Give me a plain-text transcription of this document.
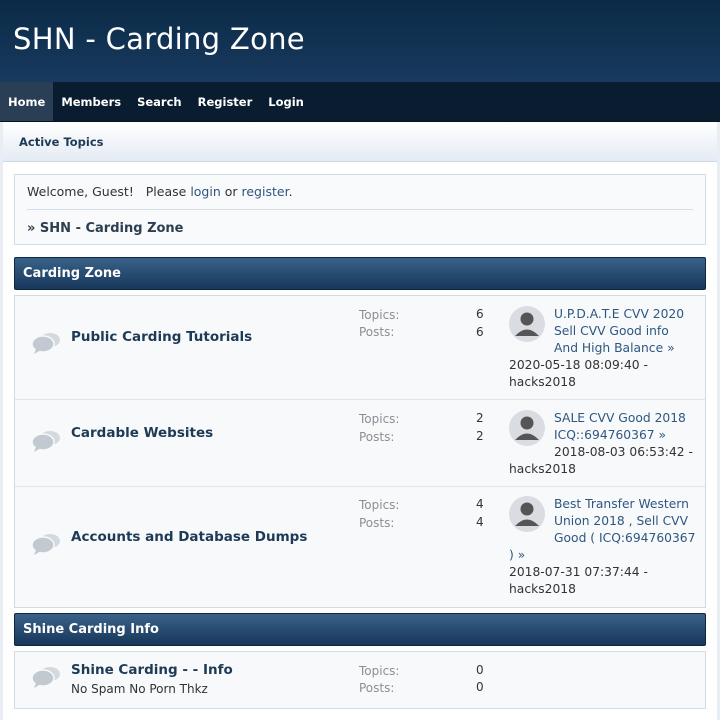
SHN - Carding Zone
Home	Members	Search	Register	Login
Active Topics
Welcome, Guest!   Please login or register.
» SHN - Carding Zone
Carding Zone
Public Carding Tutorials
Topics:	6
Posts:	6
U.P.D.A.T.E CVV 2020
Sell CVV Good info
And High Balance »
2020-05-18 08:09:40 -
hacks2018
Cardable Websites
Topics:	2
Posts:	2
SALE CVV Good 2018
ICQ::694760367 »
2018-08-03 06:53:42 -
hacks2018
Accounts and Database Dumps
Topics:	4
Posts:	4
Best Transfer Western
Union 2018 , Sell CVV
Good ( ICQ:694760367
) »
2018-07-31 07:37:44 -
hacks2018
Shine Carding Info
Shine Carding - - Info
No Spam No Porn Thkz
Topics:	0
Posts:	0
